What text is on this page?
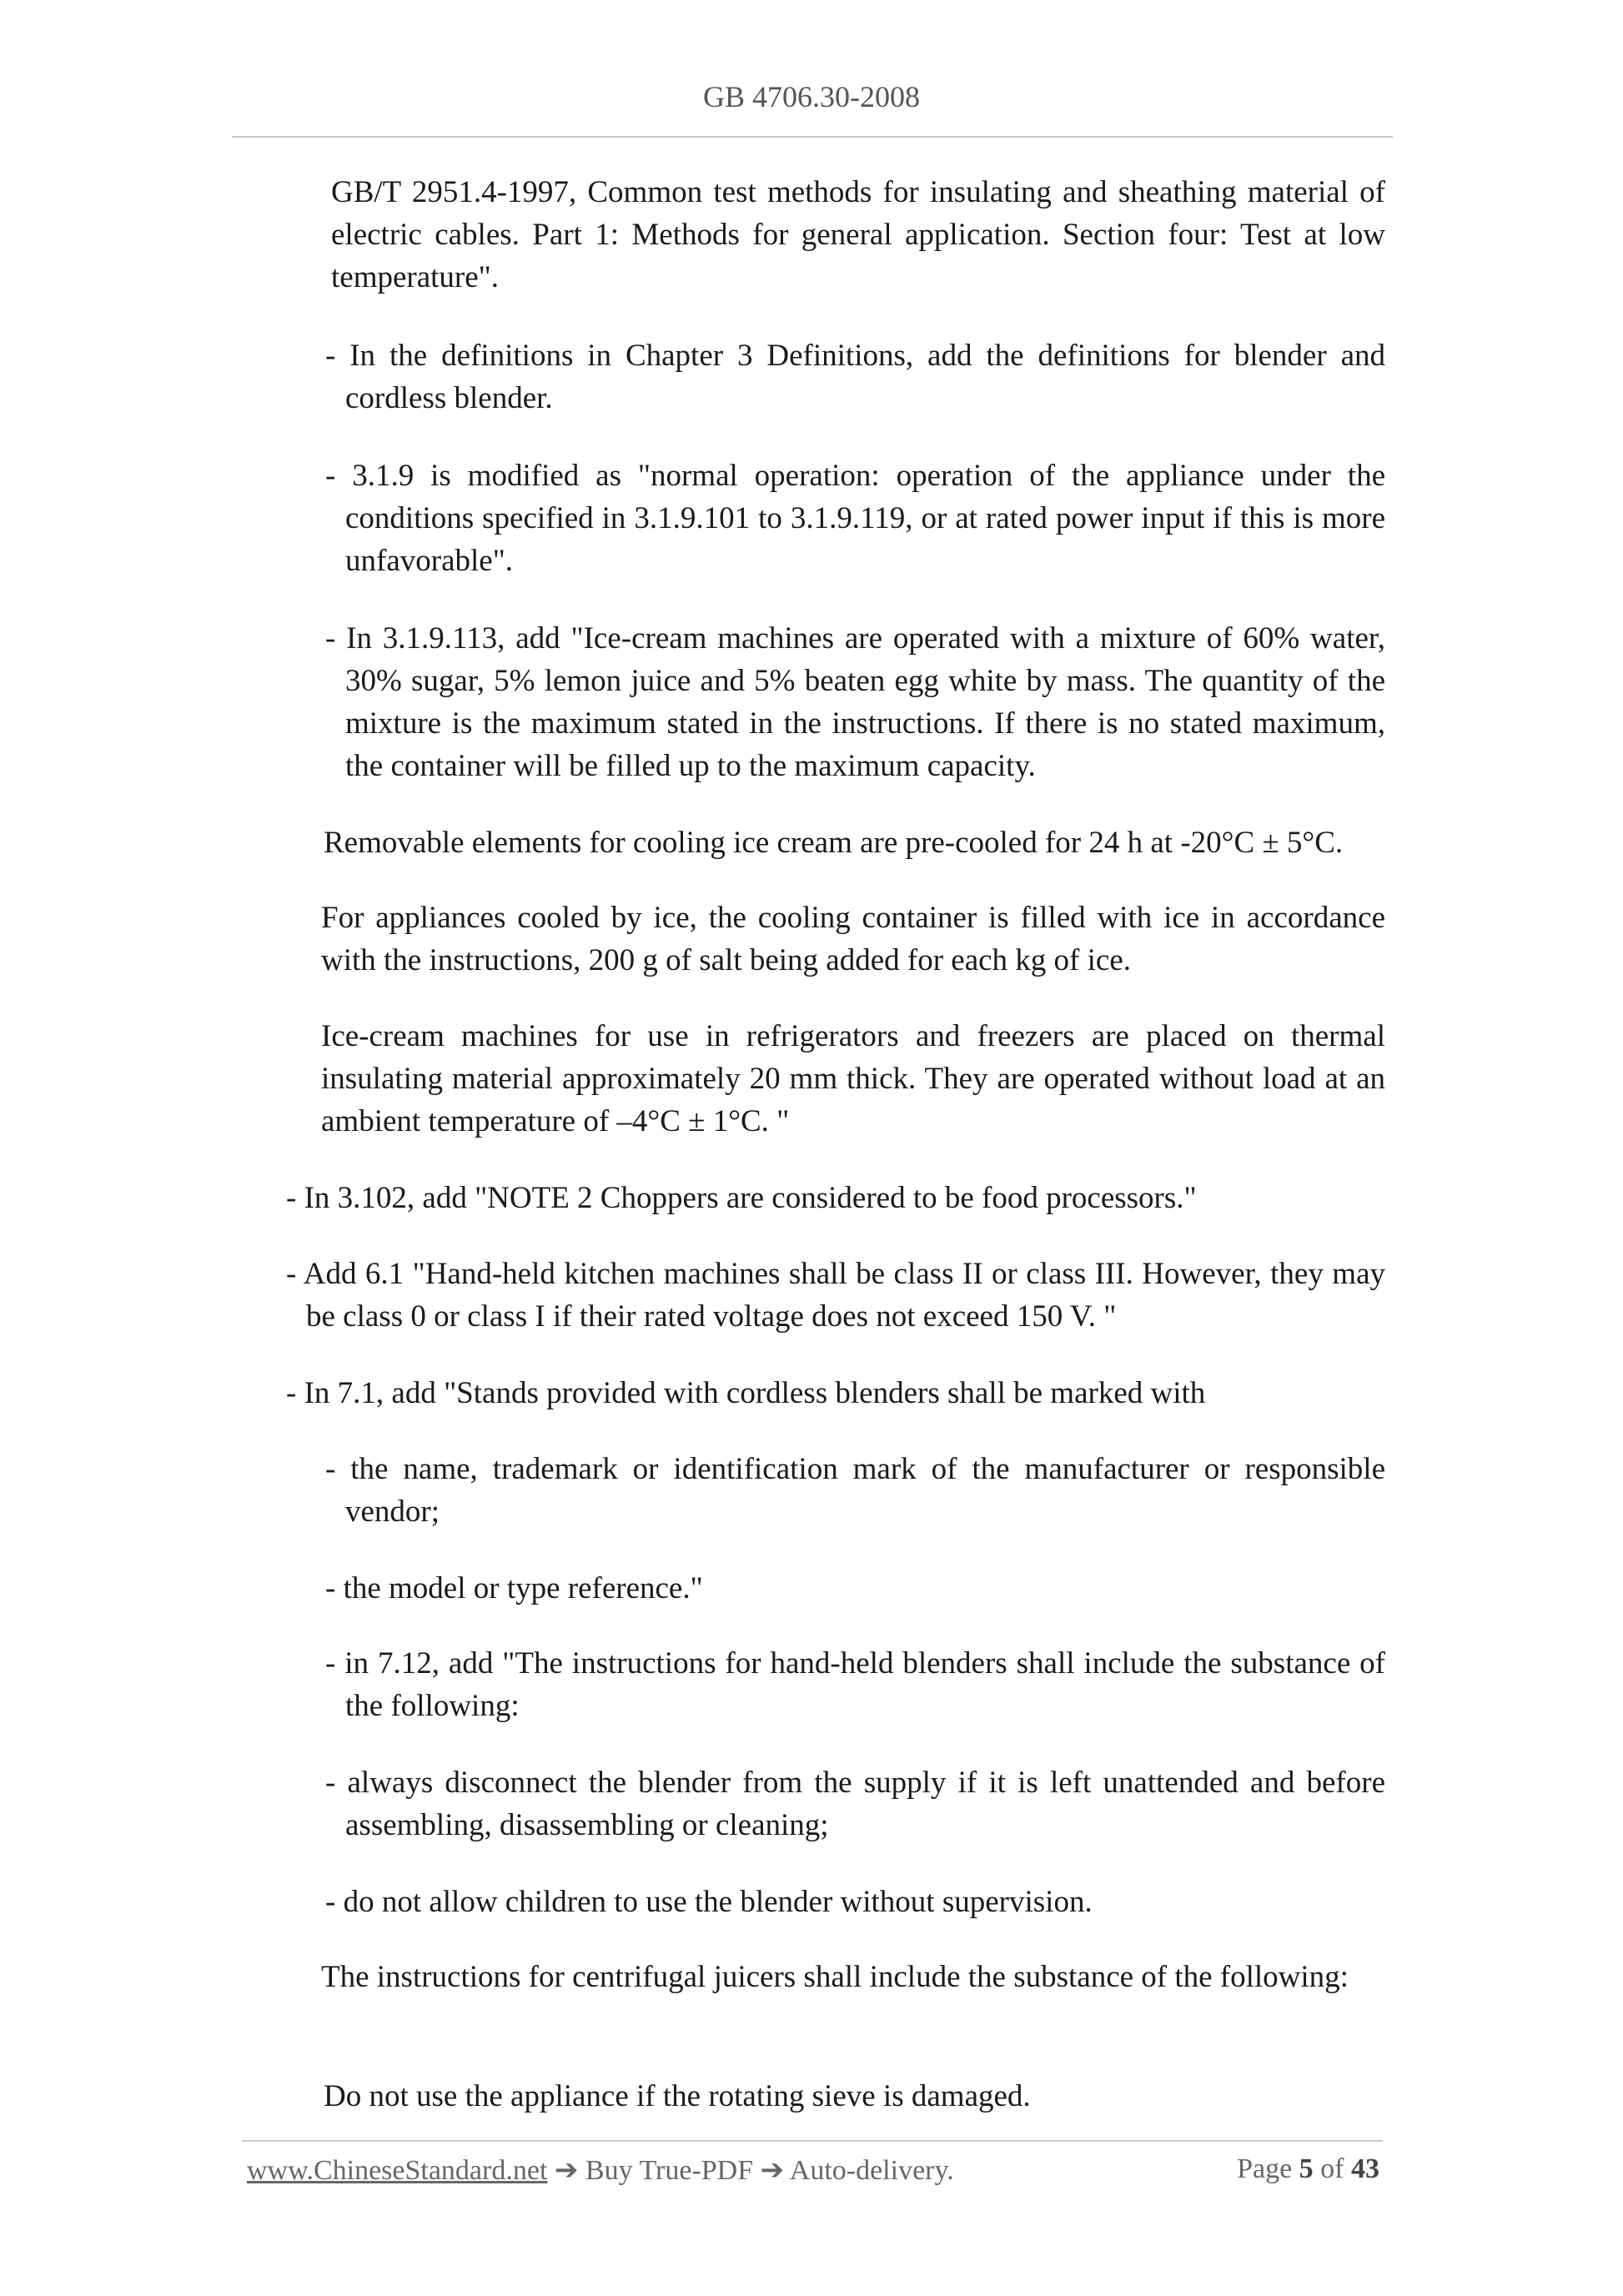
GB 4706.30-2008

GB/T 2951.4-1997, Common test methods for insulating and sheathing material of electric cables. Part 1: Methods for general application. Section four: Test at low temperature".

- In the definitions in Chapter 3 Definitions, add the definitions for blender and cordless blender.

- 3.1.9 is modified as "normal operation: operation of the appliance under the conditions specified in 3.1.9.101 to 3.1.9.119, or at rated power input if this is more unfavorable".

- In 3.1.9.113, add "Ice-cream machines are operated with a mixture of 60% water, 30% sugar, 5% lemon juice and 5% beaten egg white by mass. The quantity of the mixture is the maximum stated in the instructions. If there is no stated maximum, the container will be filled up to the maximum capacity.

Removable elements for cooling ice cream are pre-cooled for 24 h at -20°C ± 5°C.

For appliances cooled by ice, the cooling container is filled with ice in accordance with the instructions, 200 g of salt being added for each kg of ice.

Ice-cream machines for use in refrigerators and freezers are placed on thermal insulating material approximately 20 mm thick. They are operated without load at an ambient temperature of –4°C ± 1°C. "

- In 3.102, add "NOTE 2 Choppers are considered to be food processors."

- Add 6.1 "Hand-held kitchen machines shall be class II or class III. However, they may be class 0 or class I if their rated voltage does not exceed 150 V. "

- In 7.1, add "Stands provided with cordless blenders shall be marked with

- the name, trademark or identification mark of the manufacturer or responsible vendor;

- the model or type reference."

- in 7.12, add "The instructions for hand-held blenders shall include the substance of the following:

- always disconnect the blender from the supply if it is left unattended and before assembling, disassembling or cleaning;

- do not allow children to use the blender without supervision.

The instructions for centrifugal juicers shall include the substance of the following:

Do not use the appliance if the rotating sieve is damaged.

www.ChineseStandard.net ➔ Buy True-PDF ➔ Auto-delivery.	Page 5 of 43
